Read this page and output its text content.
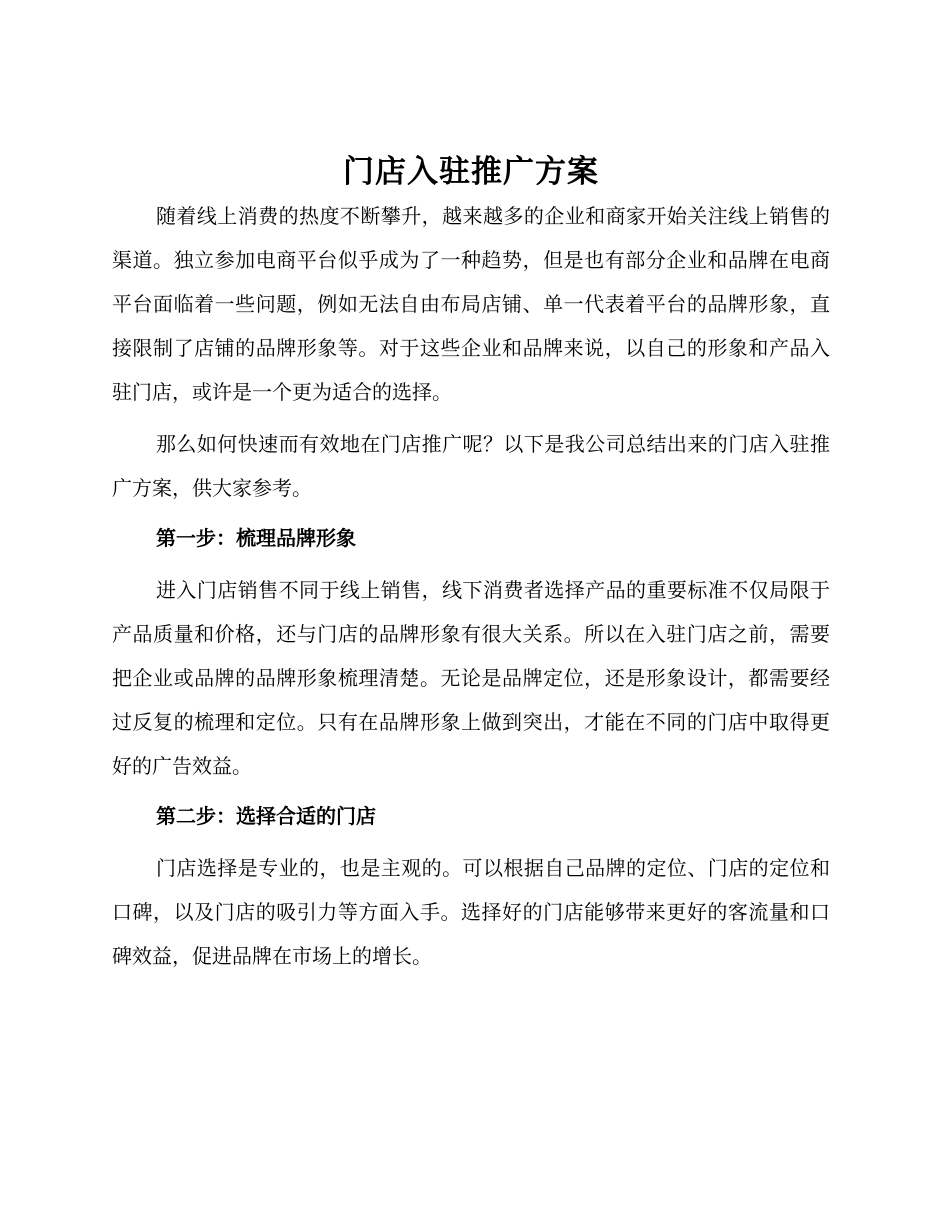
门店入驻推广方案

随着线上消费的热度不断攀升，越来越多的企业和商家开始关注线上销售的渠道。独立参加电商平台似乎成为了一种趋势，但是也有部分企业和品牌在电商平台面临着一些问题，例如无法自由布局店铺、单一代表着平台的品牌形象，直接限制了店铺的品牌形象等。对于这些企业和品牌来说，以自己的形象和产品入驻门店，或许是一个更为适合的选择。

那么如何快速而有效地在门店推广呢？以下是我公司总结出来的门店入驻推广方案，供大家参考。

第一步：梳理品牌形象

进入门店销售不同于线上销售，线下消费者选择产品的重要标准不仅局限于产品质量和价格，还与门店的品牌形象有很大关系。所以在入驻门店之前，需要把企业或品牌的品牌形象梳理清楚。无论是品牌定位，还是形象设计，都需要经过反复的梳理和定位。只有在品牌形象上做到突出，才能在不同的门店中取得更好的广告效益。

第二步：选择合适的门店

门店选择是专业的，也是主观的。可以根据自己品牌的定位、门店的定位和口碑，以及门店的吸引力等方面入手。选择好的门店能够带来更好的客流量和口碑效益，促进品牌在市场上的增长。
